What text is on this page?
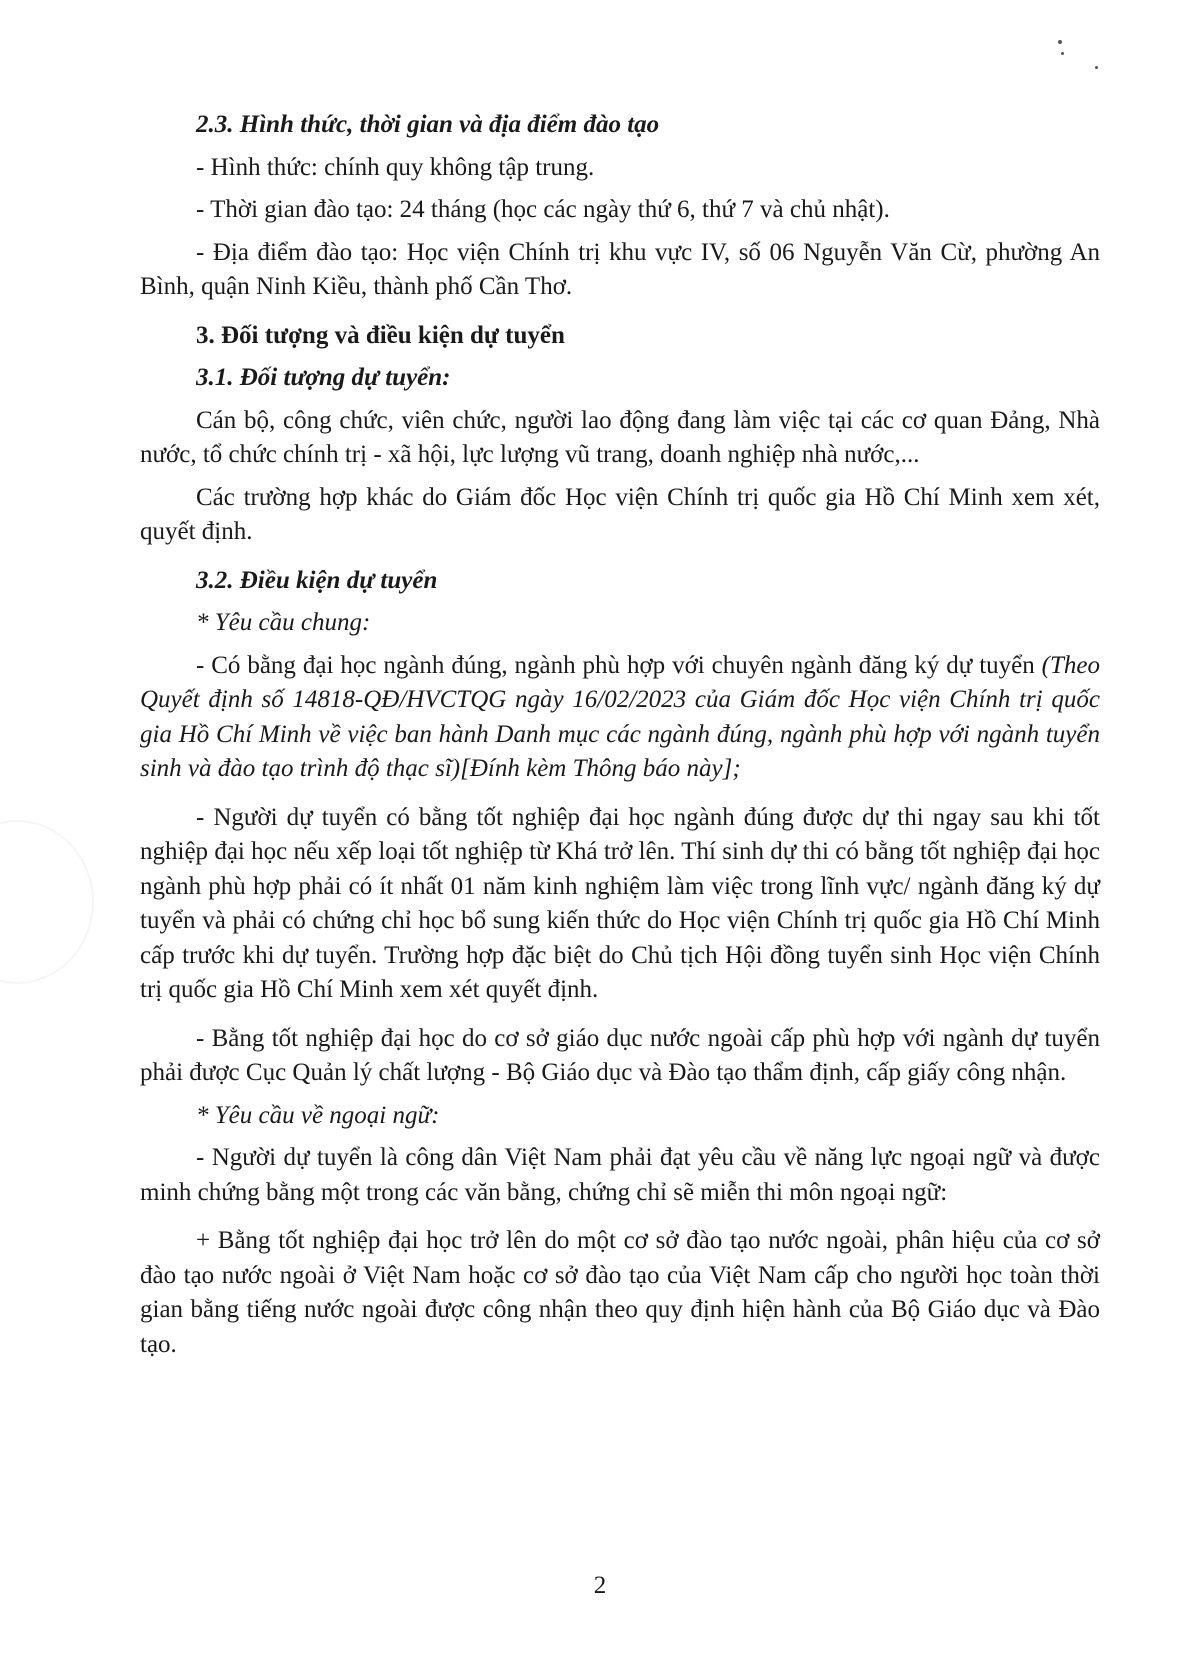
2.3. Hình thức, thời gian và địa điểm đào tạo

- Hình thức: chính quy không tập trung.

- Thời gian đào tạo: 24 tháng (học các ngày thứ 6, thứ 7 và chủ nhật).

- Địa điểm đào tạo: Học viện Chính trị khu vực IV, số 06 Nguyễn Văn Cừ, phường An Bình, quận Ninh Kiều, thành phố Cần Thơ.

3. Đối tượng và điều kiện dự tuyển

3.1. Đối tượng dự tuyển:

Cán bộ, công chức, viên chức, người lao động đang làm việc tại các cơ quan Đảng, Nhà nước, tổ chức chính trị - xã hội, lực lượng vũ trang, doanh nghiệp nhà nước,...

Các trường hợp khác do Giám đốc Học viện Chính trị quốc gia Hồ Chí Minh xem xét, quyết định.

3.2. Điều kiện dự tuyển

* Yêu cầu chung:

- Có bằng đại học ngành đúng, ngành phù hợp với chuyên ngành đăng ký dự tuyển (Theo Quyết định số 14818-QĐ/HVCTQG ngày 16/02/2023 của Giám đốc Học viện Chính trị quốc gia Hồ Chí Minh về việc ban hành Danh mục các ngành đúng, ngành phù hợp với ngành tuyển sinh và đào tạo trình độ thạc sĩ)[Đính kèm Thông báo này];

- Người dự tuyển có bằng tốt nghiệp đại học ngành đúng được dự thi ngay sau khi tốt nghiệp đại học nếu xếp loại tốt nghiệp từ Khá trở lên. Thí sinh dự thi có bằng tốt nghiệp đại học ngành phù hợp phải có ít nhất 01 năm kinh nghiệm làm việc trong lĩnh vực/ ngành đăng ký dự tuyển và phải có chứng chỉ học bổ sung kiến thức do Học viện Chính trị quốc gia Hồ Chí Minh cấp trước khi dự tuyển. Trường hợp đặc biệt do Chủ tịch Hội đồng tuyển sinh Học viện Chính trị quốc gia Hồ Chí Minh xem xét quyết định.

- Bằng tốt nghiệp đại học do cơ sở giáo dục nước ngoài cấp phù hợp với ngành dự tuyển phải được Cục Quản lý chất lượng - Bộ Giáo dục và Đào tạo thẩm định, cấp giấy công nhận.

* Yêu cầu về ngoại ngữ:

- Người dự tuyển là công dân Việt Nam phải đạt yêu cầu về năng lực ngoại ngữ và được minh chứng bằng một trong các văn bằng, chứng chỉ sẽ miễn thi môn ngoại ngữ:

+ Bằng tốt nghiệp đại học trở lên do một cơ sở đào tạo nước ngoài, phân hiệu của cơ sở đào tạo nước ngoài ở Việt Nam hoặc cơ sở đào tạo của Việt Nam cấp cho người học toàn thời gian bằng tiếng nước ngoài được công nhận theo quy định hiện hành của Bộ Giáo dục và Đào tạo.

2
